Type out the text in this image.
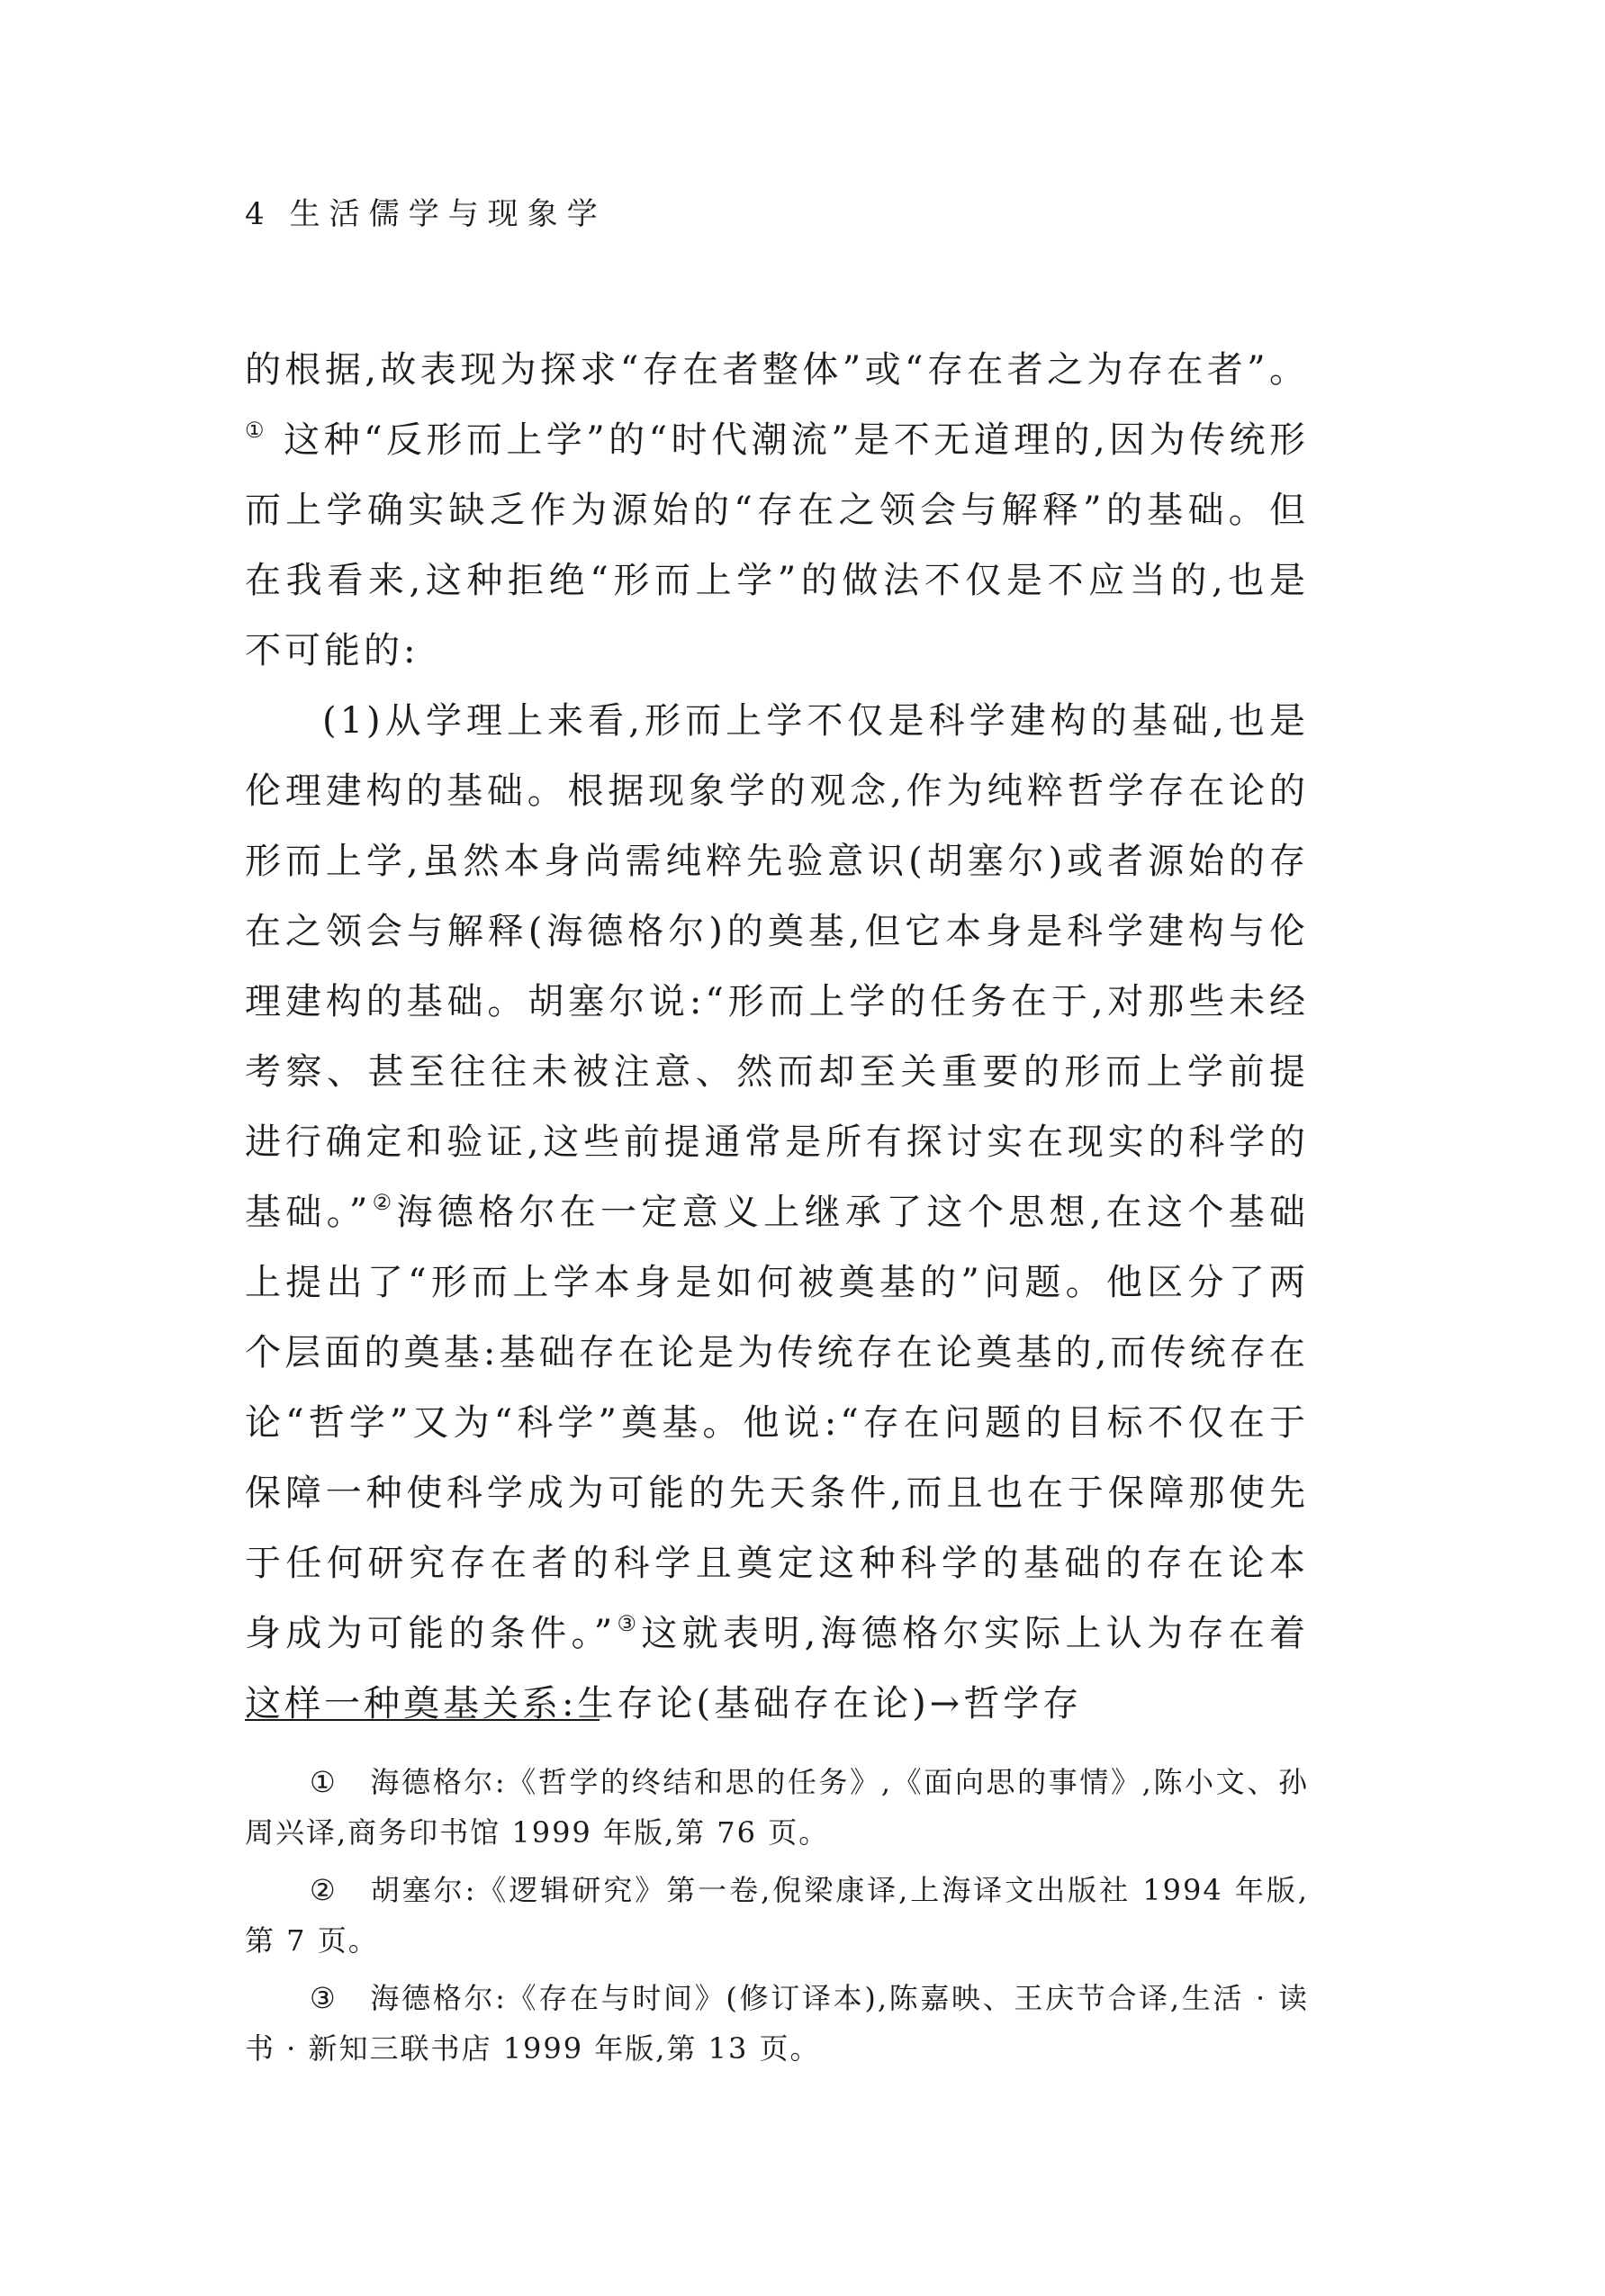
4 生活儒学与现象学

的根据,故表现为探求“存在者整体”或“存在者之为存在者”。① 这种“反形而上学”的“时代潮流”是不无道理的,因为传统形而上学确实缺乏作为源始的“存在之领会与解释”的基础。但在我看来,这种拒绝“形而上学”的做法不仅是不应当的,也是不可能的:

(1)从学理上来看,形而上学不仅是科学建构的基础,也是伦理建构的基础。根据现象学的观念,作为纯粹哲学存在论的形而上学,虽然本身尚需纯粹先验意识(胡塞尔)或者源始的存在之领会与解释(海德格尔)的奠基,但它本身是科学建构与伦理建构的基础。胡塞尔说:“形而上学的任务在于,对那些未经考察、甚至往往未被注意、然而却至关重要的形而上学前提进行确定和验证,这些前提通常是所有探讨实在现实的科学的基础。”②海德格尔在一定意义上继承了这个思想,在这个基础上提出了“形而上学本身是如何被奠基的”问题。他区分了两个层面的奠基:基础存在论是为传统存在论奠基的,而传统存在论“哲学”又为“科学”奠基。他说:“存在问题的目标不仅在于保障一种使科学成为可能的先天条件,而且也在于保障那使先于任何研究存在者的科学且奠定这种科学的基础的存在论本身成为可能的条件。”③这就表明,海德格尔实际上认为存在着这样一种奠基关系:生存论(基础存在论)→哲学存

① 海德格尔:《哲学的终结和思的任务》,《面向思的事情》,陈小文、孙周兴译,商务印书馆 1999 年版,第 76 页。

② 胡塞尔:《逻辑研究》第一卷,倪梁康译,上海译文出版社 1994 年版,第 7 页。

③ 海德格尔:《存在与时间》(修订译本),陈嘉映、王庆节合译,生活 · 读书 · 新知三联书店 1999 年版,第 13 页。
